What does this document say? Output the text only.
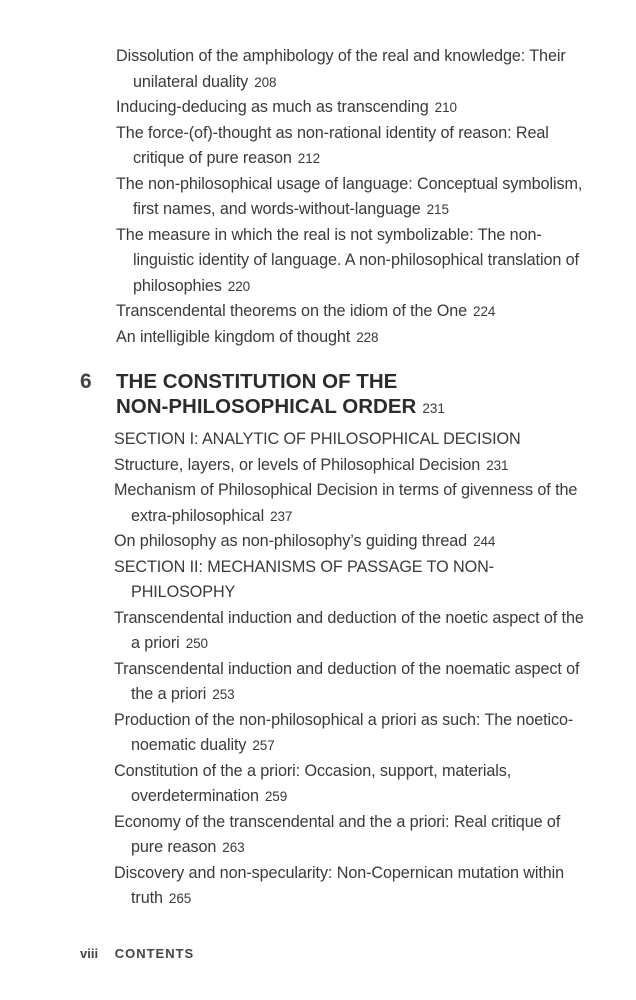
Dissolution of the amphibology of the real and knowledge: Their unilateral duality 208

Inducing-deducing as much as transcending 210

The force-(of)-thought as non-rational identity of reason: Real critique of pure reason 212

The non-philosophical usage of language: Conceptual symbolism, first names, and words-without-language 215

The measure in which the real is not symbolizable: The non-linguistic identity of language. A non-philosophical translation of philosophies 220

Transcendental theorems on the idiom of the One 224

An intelligible kingdom of thought 228

6 THE CONSTITUTION OF THE
NON-PHILOSOPHICAL ORDER 231

SECTION I: ANALYTIC OF PHILOSOPHICAL DECISION

Structure, layers, or levels of Philosophical Decision 231

Mechanism of Philosophical Decision in terms of givenness of the extra-philosophical 237

On philosophy as non-philosophy’s guiding thread 244

SECTION II: MECHANISMS OF PASSAGE TO NON-PHILOSOPHY

Transcendental induction and deduction of the noetic aspect of the a priori 250

Transcendental induction and deduction of the noematic aspect of the a priori 253

Production of the non-philosophical a priori as such: The noetico-noematic duality 257

Constitution of the a priori: Occasion, support, materials, overdetermination 259

Economy of the transcendental and the a priori: Real critique of pure reason 263

Discovery and non-specularity: Non-Copernican mutation within truth 265

viii CONTENTS
